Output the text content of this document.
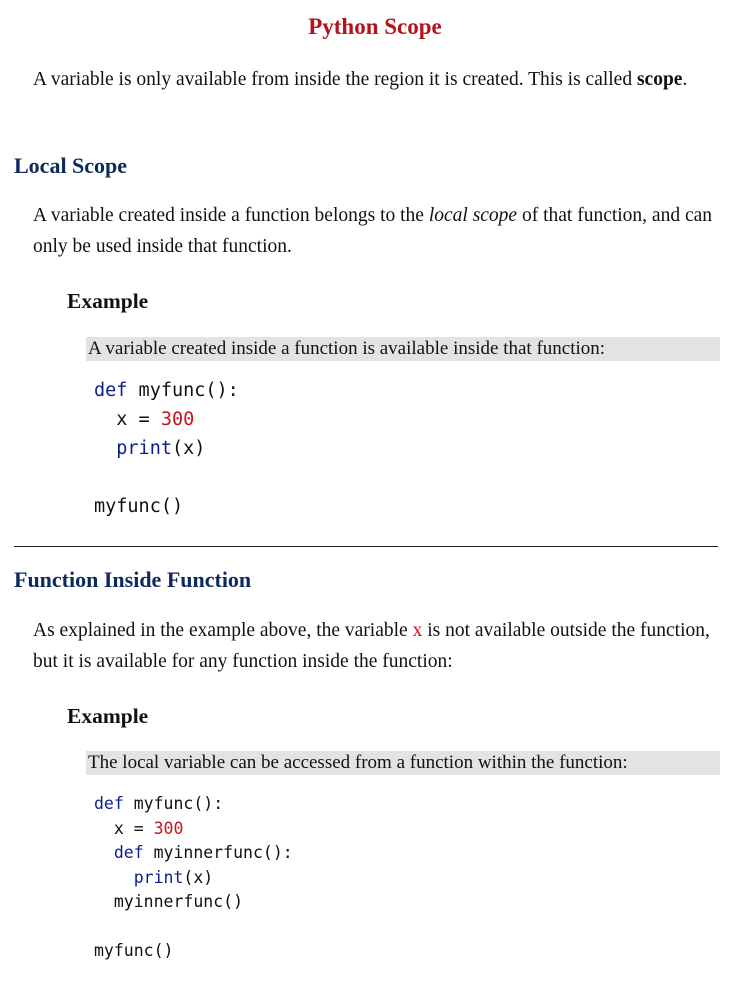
Python Scope

A variable is only available from inside the region it is created. This is called scope.

Local Scope

A variable created inside a function belongs to the local scope of that function, and can only be used inside that function.

Example

A variable created inside a function is available inside that function:

def myfunc():
x = 300
print(x)
myfunc()
Function Inside Function

As explained in the example above, the variable x is not available outside the function, but it is available for any function inside the function:

Example

The local variable can be accessed from a function within the function:

def myfunc():
x = 300
def myinnerfunc():
print(x)
myinnerfunc()
myfunc()
